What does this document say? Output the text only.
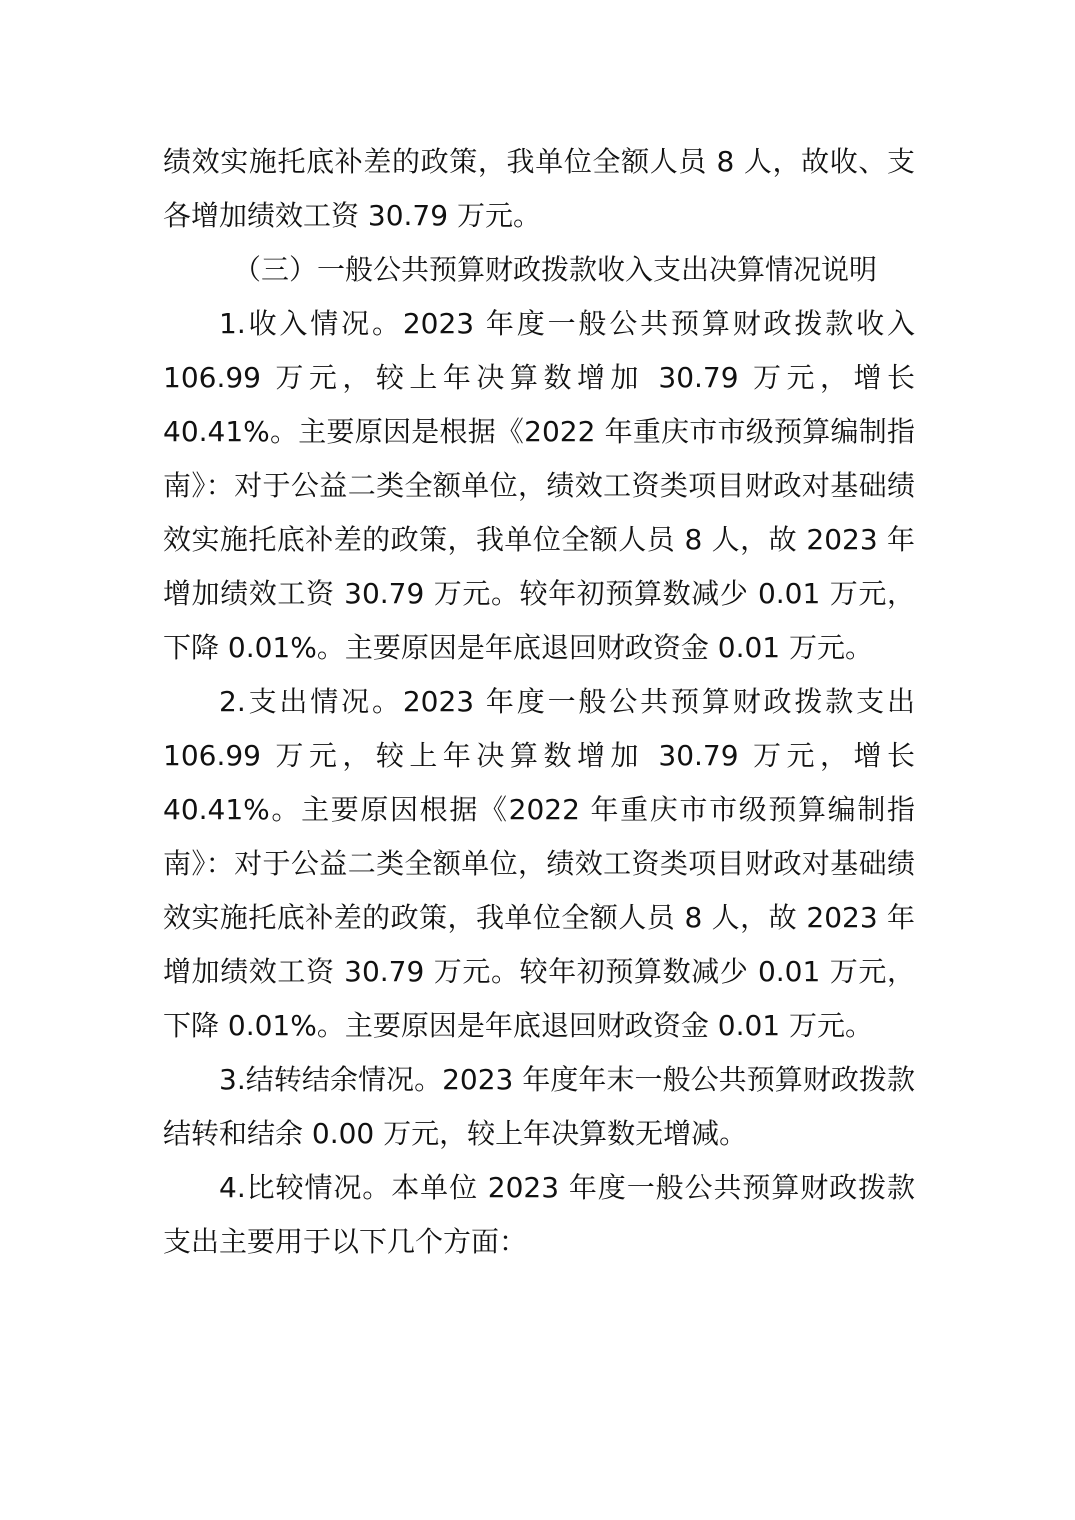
绩效实施托底补差的政策，我单位全额人员 8 人，故收、支各增加绩效工资 30.79 万元。

（三）一般公共预算财政拨款收入支出决算情况说明

1.收入情况。2023 年度一般公共预算财政拨款收入 106.99 万元，较上年决算数增加 30.79 万元，增长 40.41%。主要原因是根据《2022 年重庆市市级预算编制指南》：对于公益二类全额单位，绩效工资类项目财政对基础绩效实施托底补差的政策，我单位全额人员 8 人，故 2023 年增加绩效工资 30.79 万元。较年初预算数减少 0.01 万元，下降 0.01%。主要原因是年底退回财政资金 0.01 万元。

2.支出情况。2023 年度一般公共预算财政拨款支出 106.99 万元，较上年决算数增加 30.79 万元，增长 40.41%。主要原因根据《2022 年重庆市市级预算编制指南》：对于公益二类全额单位，绩效工资类项目财政对基础绩效实施托底补差的政策，我单位全额人员 8 人，故 2023 年增加绩效工资 30.79 万元。较年初预算数减少 0.01 万元，下降 0.01%。主要原因是年底退回财政资金 0.01 万元。

3.结转结余情况。2023 年度年末一般公共预算财政拨款结转和结余 0.00 万元，较上年决算数无增减。

4.比较情况。本单位 2023 年度一般公共预算财政拨款支出主要用于以下几个方面：
